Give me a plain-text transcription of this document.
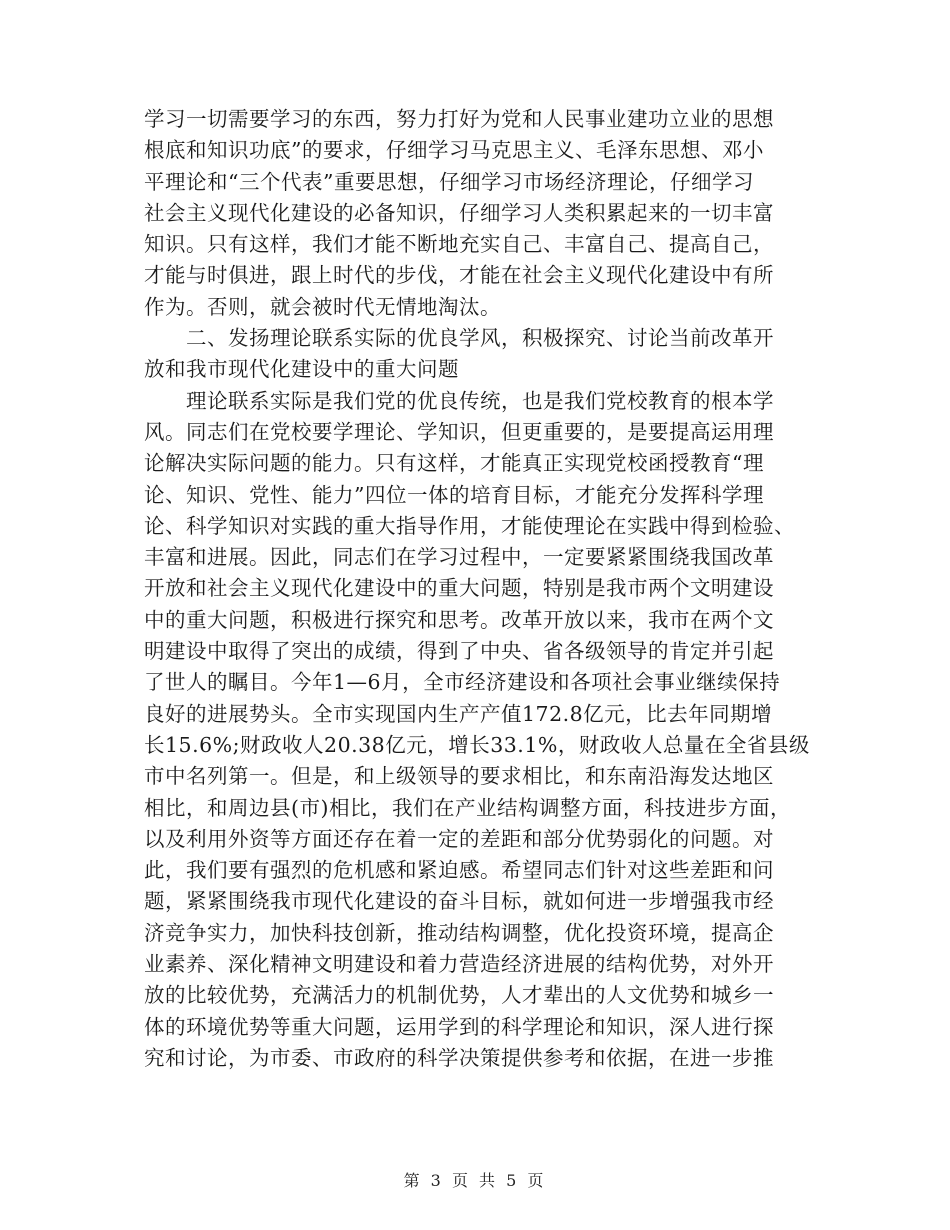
学习一切需要学习的东西，努力打好为党和人民事业建功立业的思想
根底和知识功底”的要求，仔细学习马克思主义、毛泽东思想、邓小
平理论和“三个代表”重要思想，仔细学习市场经济理论，仔细学习
社会主义现代化建设的必备知识，仔细学习人类积累起来的一切丰富
知识。只有这样，我们才能不断地充实自己、丰富自己、提高自己，
才能与时俱进，跟上时代的步伐，才能在社会主义现代化建设中有所
作为。否则，就会被时代无情地淘汰。
　　二、发扬理论联系实际的优良学风，积极探究、讨论当前改革开
放和我市现代化建设中的重大问题
　　理论联系实际是我们党的优良传统，也是我们党校教育的根本学
风。同志们在党校要学理论、学知识，但更重要的，是要提高运用理
论解决实际问题的能力。只有这样，才能真正实现党校函授教育“理
论、知识、党性、能力”四位一体的培育目标，才能充分发挥科学理
论、科学知识对实践的重大指导作用，才能使理论在实践中得到检验、
丰富和进展。因此，同志们在学习过程中，一定要紧紧围绕我国改革
开放和社会主义现代化建设中的重大问题，特别是我市两个文明建设
中的重大问题，积极进行探究和思考。改革开放以来，我市在两个文
明建设中取得了突出的成绩，得到了中央、省各级领导的肯定并引起
了世人的瞩目。今年1—6月，全市经济建设和各项社会事业继续保持
良好的进展势头。全市实现国内生产产值172.8亿元，比去年同期增
长15.6%;财政收人20.38亿元，增长33.1%，财政收人总量在全省县级
市中名列第一。但是，和上级领导的要求相比，和东南沿海发达地区
相比，和周边县(市)相比，我们在产业结构调整方面，科技进步方面，
以及利用外资等方面还存在着一定的差距和部分优势弱化的问题。对
此，我们要有强烈的危机感和紧迫感。希望同志们针对这些差距和问
题，紧紧围绕我市现代化建设的奋斗目标，就如何进一步增强我市经
济竞争实力，加快科技创新，推动结构调整，优化投资环境，提高企
业素养、深化精神文明建设和着力营造经济进展的结构优势，对外开
放的比较优势，充满活力的机制优势，人才辈出的人文优势和城乡一
体的环境优势等重大问题，运用学到的科学理论和知识，深人进行探
究和讨论，为市委、市政府的科学决策提供参考和依据，在进一步推
第 3 页 共 5 页
